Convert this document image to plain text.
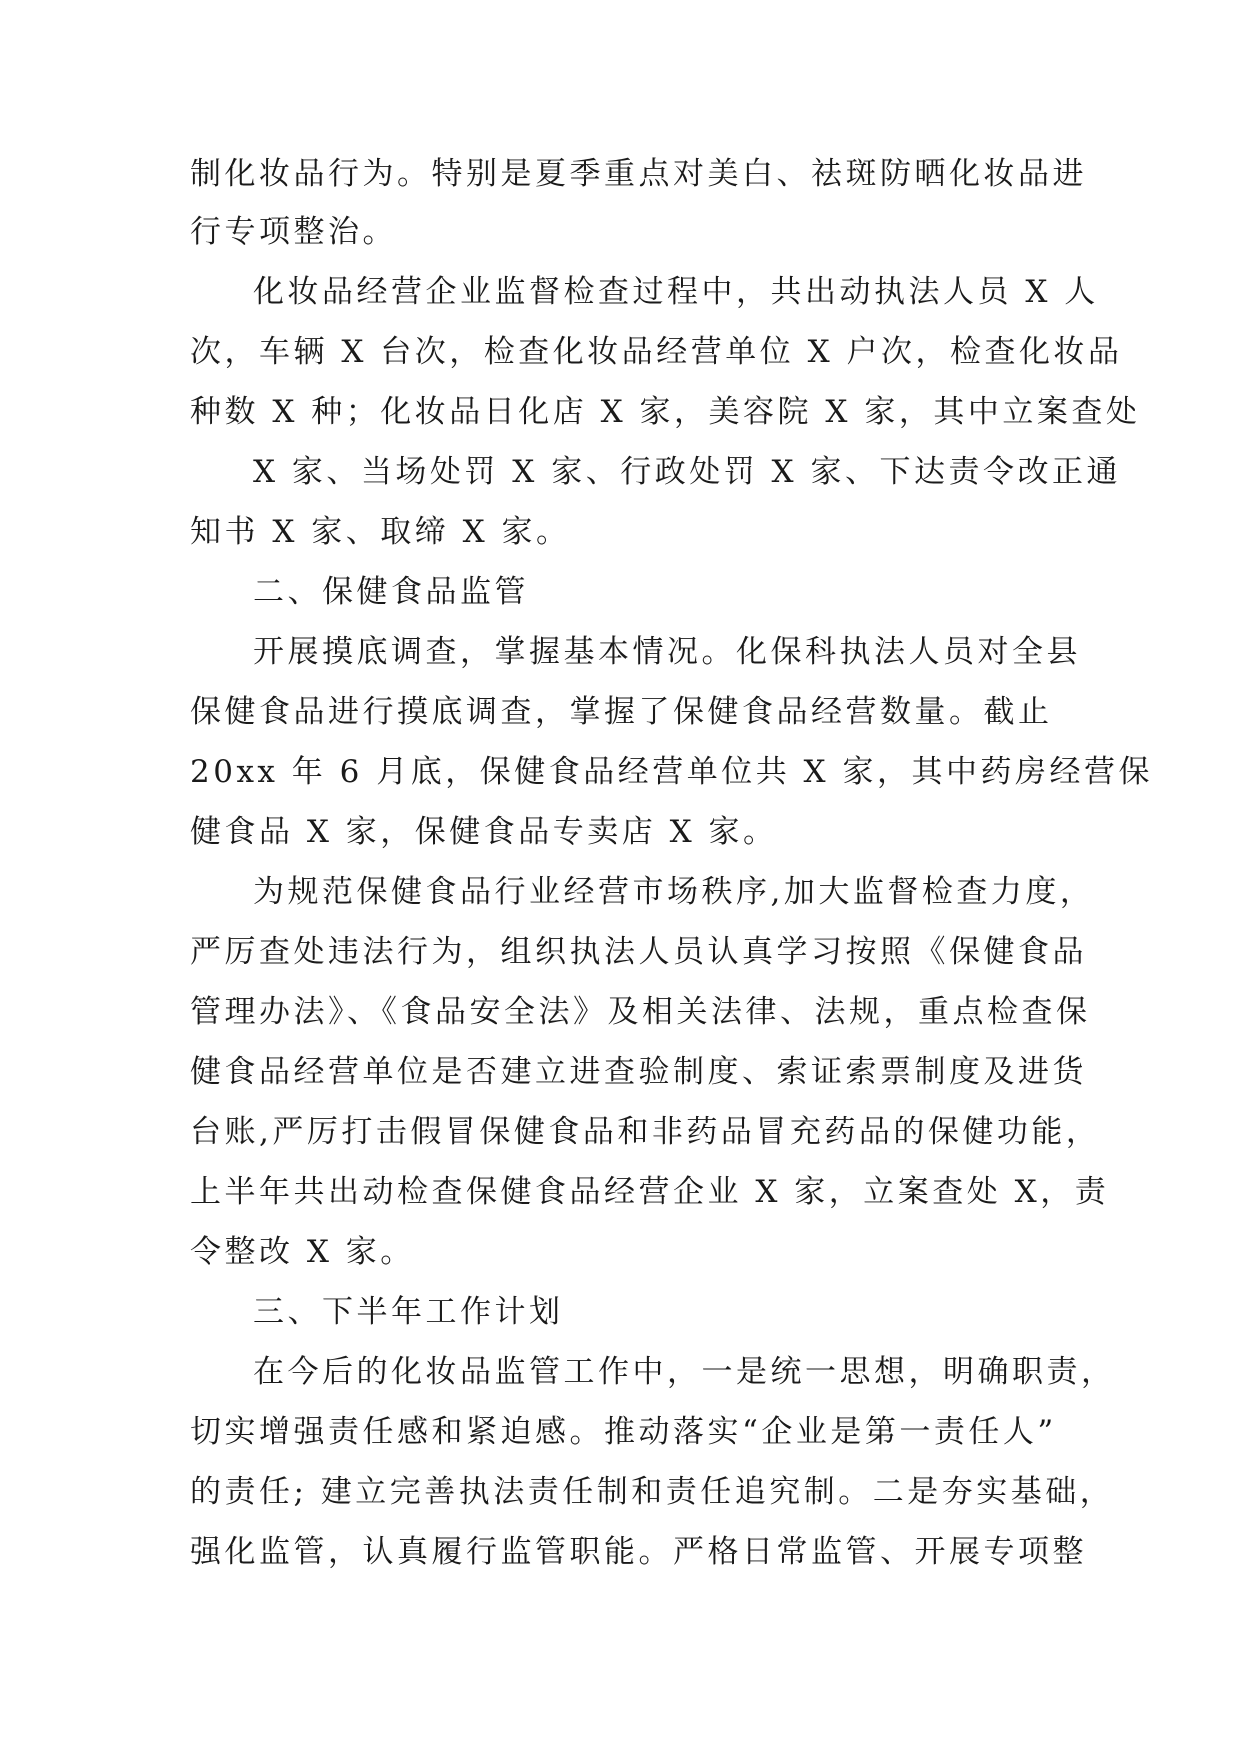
制化妆品行为。特别是夏季重点对美白、祛斑防晒化妆品进

行专项整治。

化妆品经营企业监督检查过程中，共出动执法人员 X 人

次，车辆 X 台次，检查化妆品经营单位 X 户次，检查化妆品

种数 X 种；化妆品日化店 X 家，美容院 X 家，其中立案查处

X 家、当场处罚 X 家、行政处罚 X 家、下达责令改正通

知书 X 家、取缔 X 家。

二、保健食品监管

开展摸底调查，掌握基本情况。化保科执法人员对全县

保健食品进行摸底调查，掌握了保健食品经营数量。截止

20xx 年 6 月底，保健食品经营单位共 X 家，其中药房经营保

健食品 X 家，保健食品专卖店 X 家。

为规范保健食品行业经营市场秩序,加大监督检查力度，

严厉查处违法行为，组织执法人员认真学习按照《保健食品

管理办法》、《食品安全法》及相关法律、法规，重点检查保

健食品经营单位是否建立进查验制度、索证索票制度及进货

台账,严厉打击假冒保健食品和非药品冒充药品的保健功能，

上半年共出动检查保健食品经营企业 X 家，立案查处 X，责

令整改 X 家。

三、下半年工作计划

在今后的化妆品监管工作中，一是统一思想，明确职责，

切实增强责任感和紧迫感。推动落实“企业是第一责任人”

的责任; 建立完善执法责任制和责任追究制。二是夯实基础，

强化监管，认真履行监管职能。严格日常监管、开展专项整
